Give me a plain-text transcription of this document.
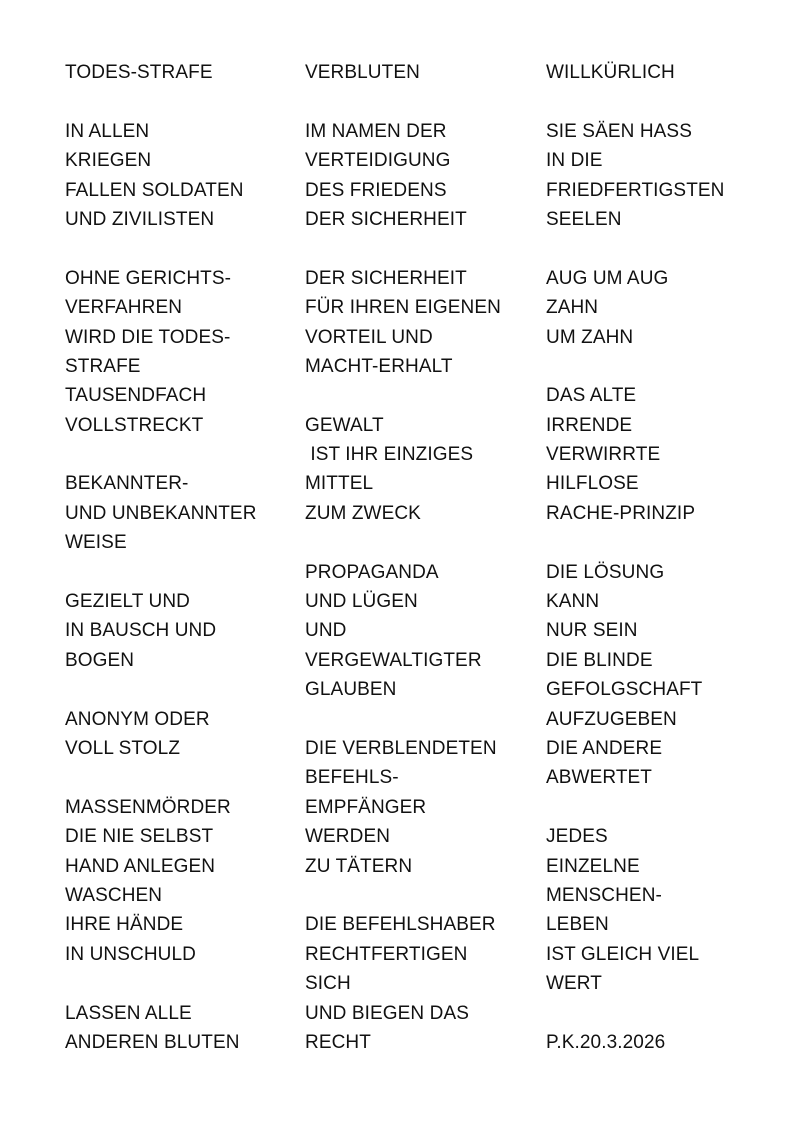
TODES-STRAFE
IN ALLEN
KRIEGEN
FALLEN SOLDATEN
UND ZIVILISTEN
OHNE GERICHTS-
VERFAHREN
WIRD DIE TODES-
STRAFE
TAUSENDFACH
VOLLSTRECKT
BEKANNTER-
UND UNBEKANNTER
WEISE
GEZIELT UND
IN BAUSCH UND
BOGEN
ANONYM ODER
VOLL STOLZ
MASSENMÖRDER
DIE NIE SELBST
HAND ANLEGEN
WASCHEN
IHRE HÄNDE
IN UNSCHULD
LASSEN ALLE
ANDEREN BLUTEN
VERBLUTEN
IM NAMEN DER
VERTEIDIGUNG
DES FRIEDENS
DER SICHERHEIT
DER SICHERHEIT
FÜR IHREN EIGENEN
VORTEIL UND
MACHT-ERHALT
GEWALT
IST IHR EINZIGES
MITTEL
ZUM ZWECK
PROPAGANDA
UND LÜGEN
UND
VERGEWALTIGTER
GLAUBEN
DIE VERBLENDETEN
BEFEHLS-
EMPFÄNGER
WERDEN
ZU TÄTERN
DIE BEFEHLSHABER
RECHTFERTIGEN
SICH
UND BIEGEN DAS
RECHT
WILLKÜRLICH
SIE SÄEN HASS
IN DIE
FRIEDFERTIGSTEN
SEELEN
AUG UM AUG
ZAHN
UM ZAHN
DAS ALTE
IRRENDE
VERWIRRTE
HILFLOSE
RACHE-PRINZIP
DIE LÖSUNG
KANN
NUR SEIN
DIE BLINDE
GEFOLGSCHAFT
AUFZUGEBEN
DIE ANDERE
ABWERTET
JEDES
EINZELNE
MENSCHEN-
LEBEN
IST GLEICH VIEL
WERT
P.K.20.3.2026
